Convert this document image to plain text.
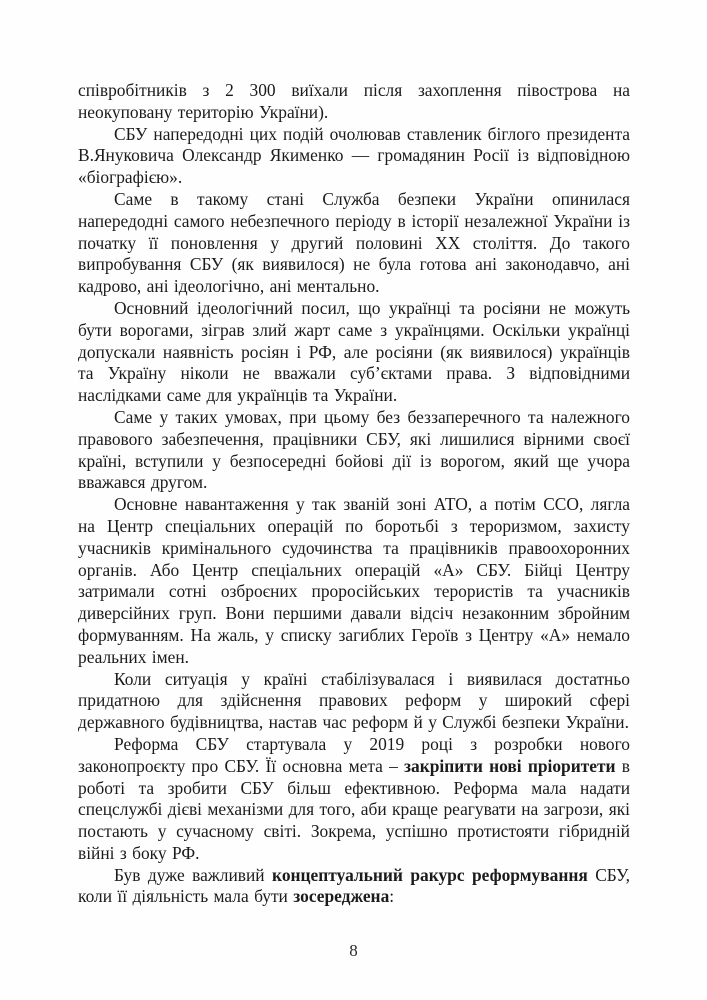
співробітників з 2 300 виїхали після захоплення півострова на неокуповану територію України).

СБУ напередодні цих подій очолював ставленик біглого президента В.Януковича Олександр Якименко — громадянин Росії із відповідною «біографією».

Саме в такому стані Служба безпеки України опинилася напередодні самого небезпечного періоду в історії незалежної України із початку її поновлення у другий половині XX століття. До такого випробування СБУ (як виявилося) не була готова ані законодавчо, ані кадрово, ані ідеологічно, ані ментально.

Основний ідеологічний посил, що українці та росіяни не можуть бути ворогами, зіграв злий жарт саме з українцями. Оскільки українці допускали наявність росіян і РФ, але росіяни (як виявилося) українців та Україну ніколи не вважали суб’єктами права. З відповідними наслідками саме для українців та України.

Саме у таких умовах, при цьому без беззаперечного та належного правового забезпечення, працівники СБУ, які лишилися вірними своєї країні, вступили у безпосередні бойові дії із ворогом, який ще учора вважався другом.

Основне навантаження у так званій зоні АТО, а потім ССО, лягла на Центр спеціальних операцій по боротьбі з тероризмом, захисту учасників кримінального судочинства та працівників правоохоронних органів. Або Центр спеціальних операцій «А» СБУ. Бійці Центру затримали сотні озброєних проросійських терористів та учасників диверсійних груп. Вони першими давали відсіч незаконним збройним формуванням. На жаль, у списку загиблих Героїв з Центру «А» немало реальних імен.

Коли ситуація у країні стабілізувалася і виявилася достатньо придатною для здійснення правових реформ у широкий сфері державного будівництва, настав час реформ й у Службі безпеки України.

Реформа СБУ стартувала у 2019 році з розробки нового законопроєкту про СБУ. Її основна мета – закріпити нові пріоритети в роботі та зробити СБУ більш ефективною. Реформа мала надати спецслужбі дієві механізми для того, аби краще реагувати на загрози, які постають у сучасному світі. Зокрема, успішно протистояти гібридній війні з боку РФ.

Був дуже важливий концептуальний ракурс реформування СБУ, коли її діяльність мала бути зосереджена:

8
